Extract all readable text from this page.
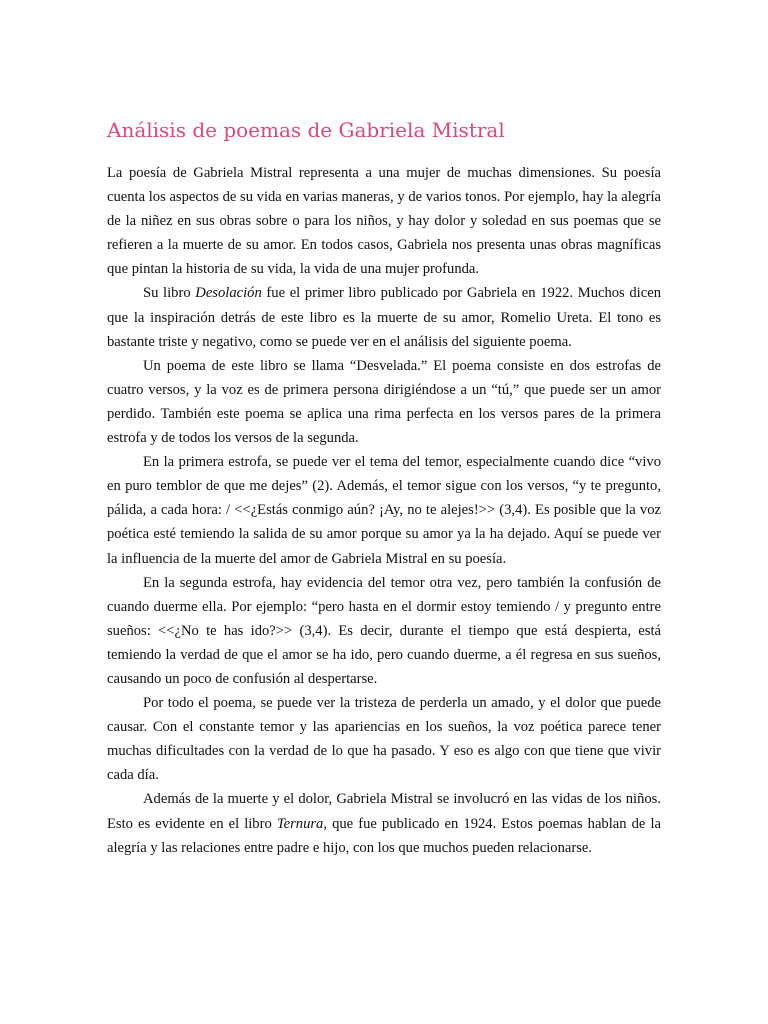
Análisis de poemas de Gabriela Mistral

La poesía de Gabriela Mistral representa a una mujer de muchas dimensiones. Su poesía cuenta los aspectos de su vida en varias maneras, y de varios tonos. Por ejemplo, hay la alegría de la niñez en sus obras sobre o para los niños, y hay dolor y soledad en sus poemas que se refieren a la muerte de su amor. En todos casos, Gabriela nos presenta unas obras magníficas que pintan la historia de su vida, la vida de una mujer profunda.

Su libro Desolación fue el primer libro publicado por Gabriela en 1922. Muchos dicen que la inspiración detrás de este libro es la muerte de su amor, Romelio Ureta. El tono es bastante triste y negativo, como se puede ver en el análisis del siguiente poema.

Un poema de este libro se llama “Desvelada.” El poema consiste en dos estrofas de cuatro versos, y la voz es de primera persona dirigiéndose a un “tú,” que puede ser un amor perdido. También este poema se aplica una rima perfecta en los versos pares de la primera estrofa y de todos los versos de la segunda.

En la primera estrofa, se puede ver el tema del temor, especialmente cuando dice “vivo en puro temblor de que me dejes” (2). Además, el temor sigue con los versos, “y te pregunto, pálida, a cada hora: / <<¿Estás conmigo aún? ¡Ay, no te alejes!>> (3,4). Es posible que la voz poética esté temiendo la salida de su amor porque su amor ya la ha dejado. Aquí se puede ver la influencia de la muerte del amor de Gabriela Mistral en su poesía.

En la segunda estrofa, hay evidencia del temor otra vez, pero también la confusión de cuando duerme ella. Por ejemplo: “pero hasta en el dormir estoy temiendo / y pregunto entre sueños: <<¿No te has ido?>> (3,4). Es decir, durante el tiempo que está despierta, está temiendo la verdad de que el amor se ha ido, pero cuando duerme, a él regresa en sus sueños, causando un poco de confusión al despertarse.

Por todo el poema, se puede ver la tristeza de perderla un amado, y el dolor que puede causar. Con el constante temor y las apariencias en los sueños, la voz poética parece tener muchas dificultades con la verdad de lo que ha pasado. Y eso es algo con que tiene que vivir cada día.

Además de la muerte y el dolor, Gabriela Mistral se involucró en las vidas de los niños. Esto es evidente en el libro Ternura, que fue publicado en 1924. Estos poemas hablan de la alegría y las relaciones entre padre e hijo, con los que muchos pueden relacionarse.
